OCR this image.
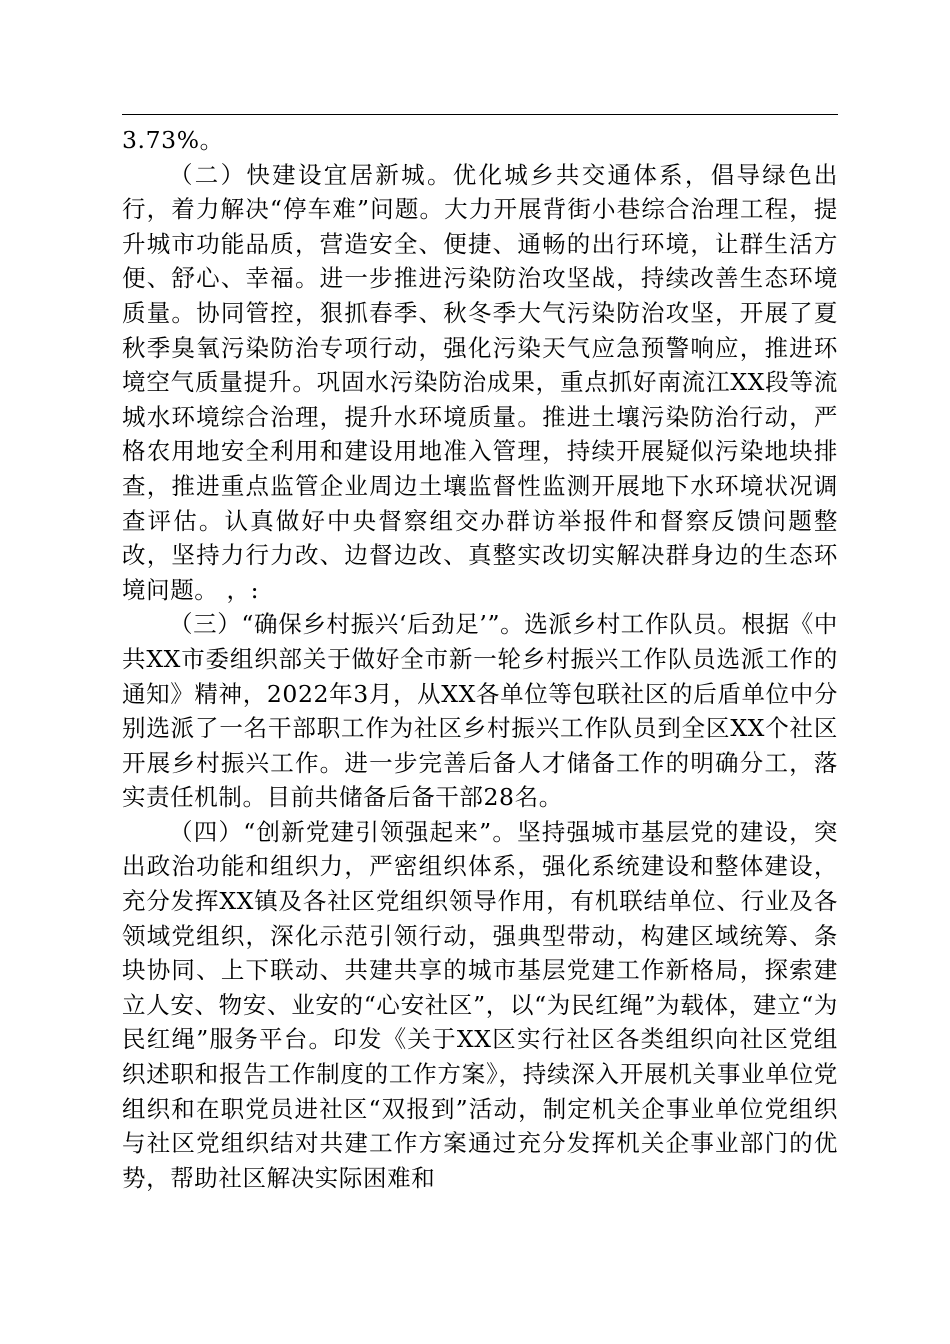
3.73%。

（二）快建设宜居新城。优化城乡共交通体系，倡导绿色出行，着力解决“停车难”问题。大力开展背街小巷综合治理工程，提升城市功能品质，营造安全、便捷、通畅的出行环境，让群生活方便、舒心、幸福。进一步推进污染防治攻坚战，持续改善生态环境质量。协同管控，狠抓春季、秋冬季大气污染防治攻坚，开展了夏秋季臭氧污染防治专项行动，强化污染天气应急预警响应，推进环境空气质量提升。巩固水污染防治成果，重点抓好南流江XX段等流城水环境综合治理，提升水环境质量。推进土壤污染防治行动，严格农用地安全利用和建设用地准入管理，持续开展疑似污染地块排查，推进重点监管企业周边土壤监督性监测开展地下水环境状况调查评估。认真做好中央督察组交办群访举报件和督察反馈问题整改，坚持力行力改、边督边改、真整实改切实解决群身边的生态环境问题。 ，:

（三）“确保乡村振兴‘后劲足’”。选派乡村工作队员。根据《中共XX市委组织部关于做好全市新一轮乡村振兴工作队员选派工作的通知》精神，2022年3月，从XX各单位等包联社区的后盾单位中分别选派了一名干部职工作为社区乡村振兴工作队员到全区XX个社区开展乡村振兴工作。进一步完善后备人才储备工作的明确分工，落实责任机制。目前共储备后备干部28名。

（四）“创新党建引领强起来”。坚持强城市基层党的建设，突出政治功能和组织力，严密组织体系，强化系统建设和整体建设，充分发挥XX镇及各社区党组织领导作用，有机联结单位、行业及各领域党组织，深化示范引领行动，强典型带动，构建区域统筹、条块协同、上下联动、共建共享的城市基层党建工作新格局，探索建立人安、物安、业安的“心安社区”，以“为民红绳”为载体，建立“为民红绳”服务平台。印发《关于XX区实行社区各类组织向社区党组织述职和报告工作制度的工作方案》，持续深入开展机关事业单位党组织和在职党员进社区“双报到”活动，制定机关企事业单位党组织与社区党组织结对共建工作方案通过充分发挥机关企事业部门的优势，帮助社区解决实际困难和
